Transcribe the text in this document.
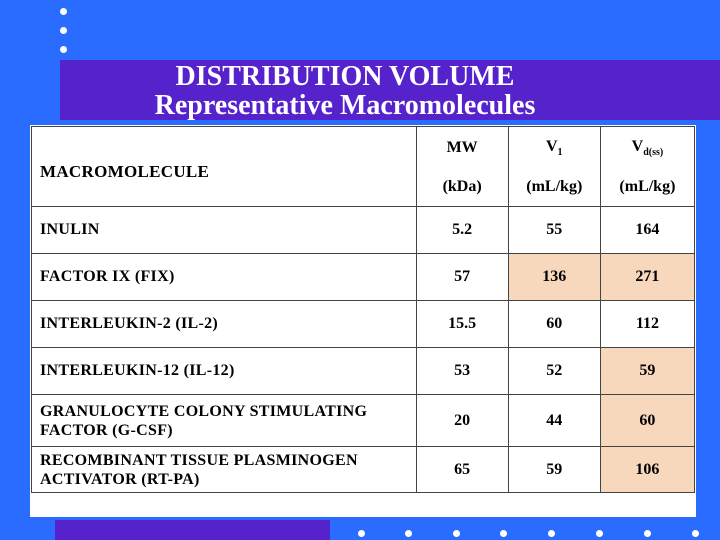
DISTRIBUTION VOLUME
Representative Macromolecules
MACROMOLECULE	MW	$V_1$	$V_{d(ss)}$
	(kDa)	(mL/kg)	(mL/kg)
INULIN	5.2	55	164
FACTOR IX (FIX)	57	136	271
INTERLEUKIN-2 (IL-2)	15.5	60	112
INTERLEUKIN-12 (IL-12)	53	52	59
GRANULOCYTE COLONY STIMULATING FACTOR (G-CSF)	20	44	60
RECOMBINANT TISSUE PLASMINOGEN ACTIVATOR (RT-PA)	65	59	106
